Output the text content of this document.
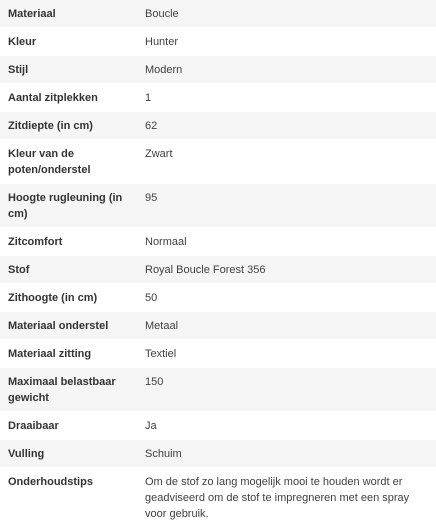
Materiaal	Boucle
Kleur	Hunter
Stijl	Modern
Aantal zitplekken	1
Zitdiepte (in cm)	62
Kleur van de poten/onderstel	Zwart
Hoogte rugleuning (in cm)	95
Zitcomfort	Normaal
Stof	Royal Boucle Forest 356
Zithoogte (in cm)	50
Materiaal onderstel	Metaal
Materiaal zitting	Textiel
Maximaal belastbaar gewicht	150
Draaibaar	Ja
Vulling	Schuim
Onderhoudstips	Om de stof zo lang mogelijk mooi te houden wordt er geadviseerd om de stof te impregneren met een spray voor gebruik.
